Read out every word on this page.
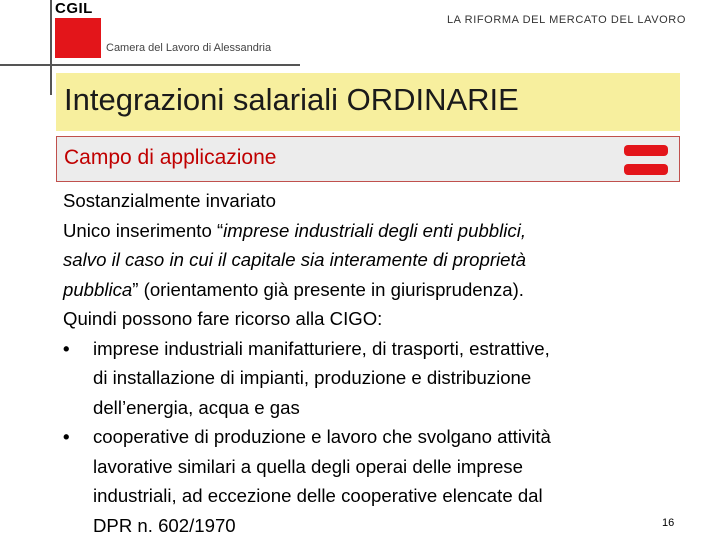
CGIL
LA RIFORMA DEL MERCATO DEL LAVORO
Camera del Lavoro di Alessandria
Integrazioni salariali ORDINARIE
Campo di applicazione

Sostanzialmente invariato

Unico inserimento “imprese industriali degli enti pubblici,

salvo il caso in cui il capitale sia interamente di proprietà

pubblica” (orientamento già presente in giurisprudenza).

Quindi possono fare ricorso alla CIGO:

• imprese industriali manifatturiere, di trasporti, estrattive,

di installazione di impianti, produzione e distribuzione

dell’energia, acqua e gas

• cooperative di produzione e lavoro che svolgano attività

lavorative similari a quella degli operai delle imprese

industriali, ad eccezione delle cooperative elencate dal

DPR n. 602/1970	16
